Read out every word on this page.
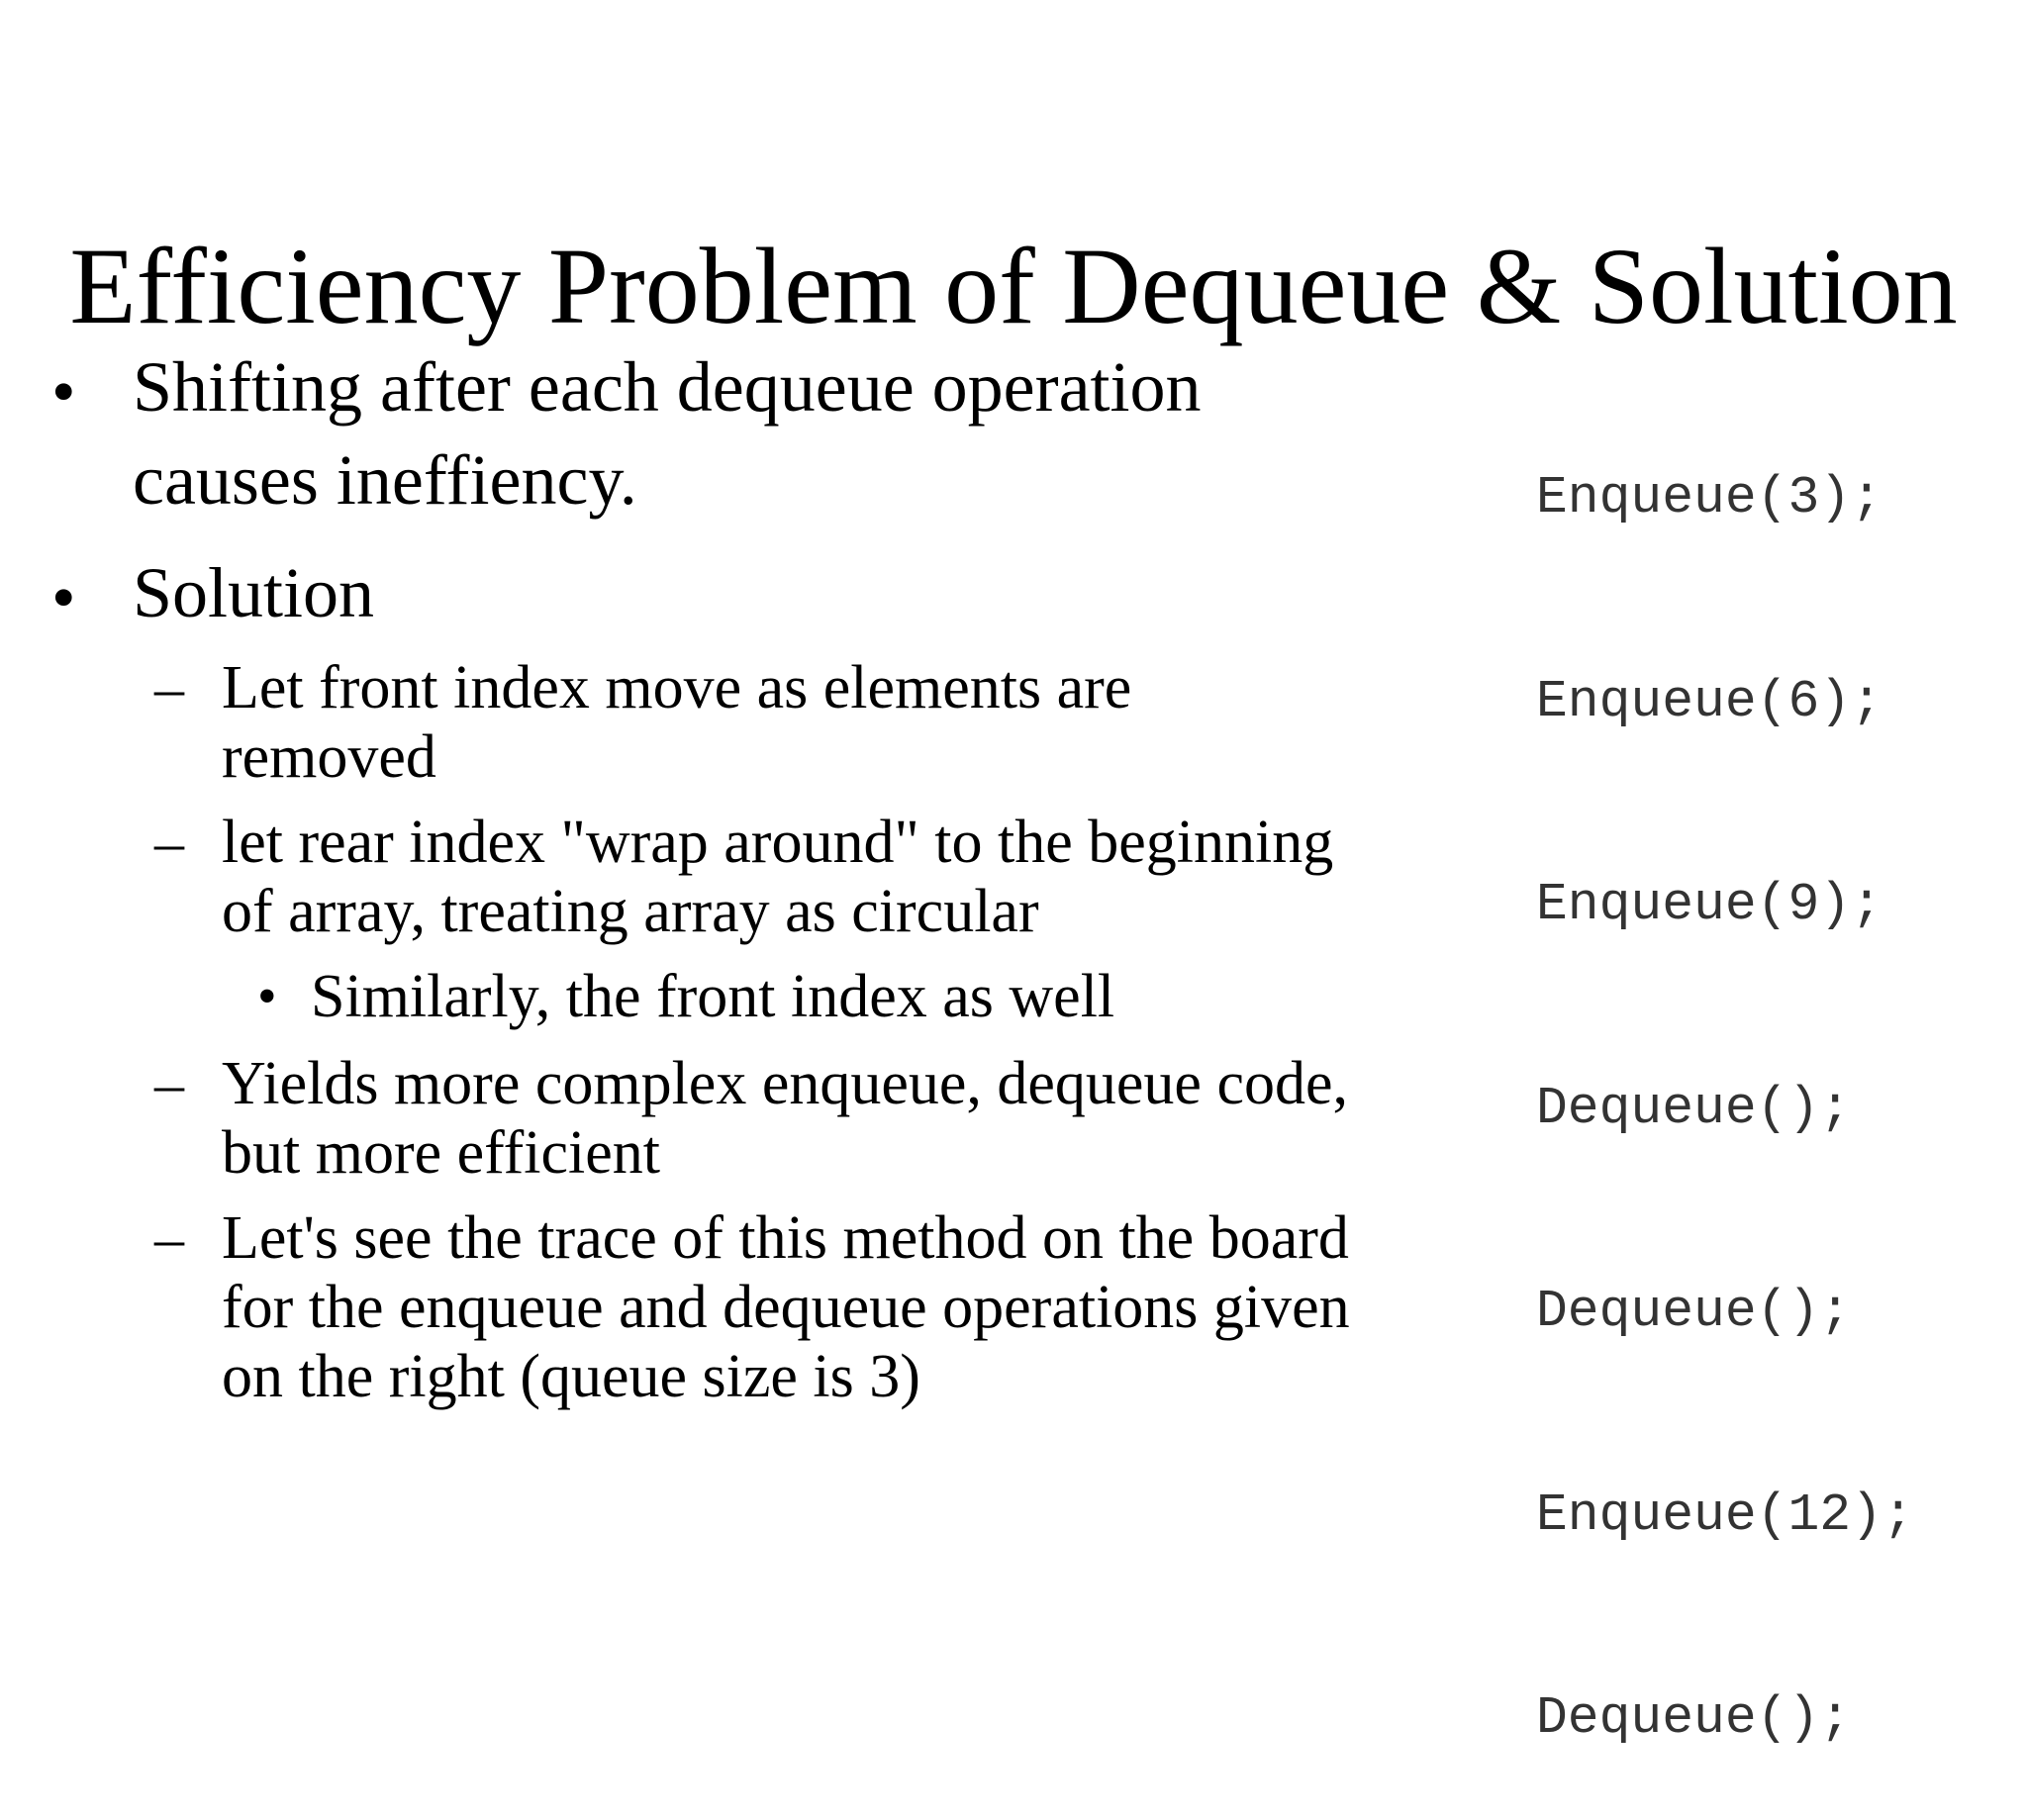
Efficiency Problem of Dequeue & Solution
• Shifting after each dequeue operation
causes ineffiency.
• Solution
– Let front index move as elements are
removed
– let rear index "wrap around" to the beginning
of array, treating array as circular
• Similarly, the front index as well
– Yields more complex enqueue, dequeue code,
but more efficient
– Let's see the trace of this method on the board
for the enqueue and dequeue operations given
on the right (queue size is 3)

Enqueue(3);

Enqueue(6);

Enqueue(9);

Dequeue();

Dequeue();

Enqueue(12);

Dequeue();
